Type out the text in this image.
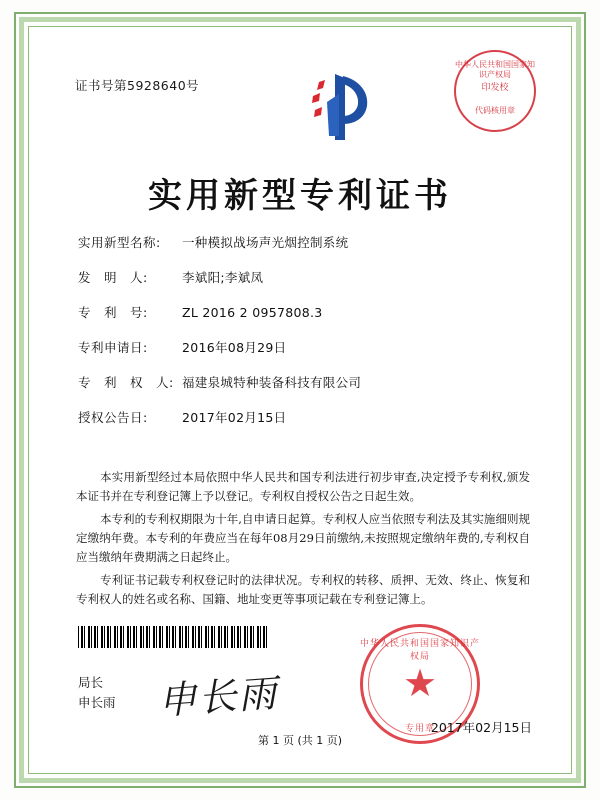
证书号第5928640号
中华人民共和国国家知识产权局
印发校
代码核用章
实用新型专利证书
实用新型名称:	一种模拟战场声光烟控制系统
发　明　人:	李斌阳;李斌凤
专　利　号:	ZL 2016 2 0957808.3
专利申请日:	2016年08月29日
专　利　权　人: 福建泉城特种装备科技有限公司
授权公告日:	2017年02月15日

本实用新型经过本局依照中华人民共和国专利法进行初步审查,决定授予专利权,颁发本证书并在专利登记簿上予以登记。专利权自授权公告之日起生效。

本专利的专利权期限为十年,自申请日起算。专利权人应当依照专利法及其实施细则规定缴纳年费。本专利的年费应当在每年08月29日前缴纳,未按照规定缴纳年费的,专利权自应当缴纳年费期满之日起终止。

专利证书记载专利权登记时的法律状况。专利权的转移、质押、无效、终止、恢复和专利权人的姓名或名称、国籍、地址变更等事项记载在专利登记簿上。

局长
申长雨 申长雨
中华人民共和国国家知识产权局
★
专用章
2017年02月15日
第 1 页 (共 1 页)
